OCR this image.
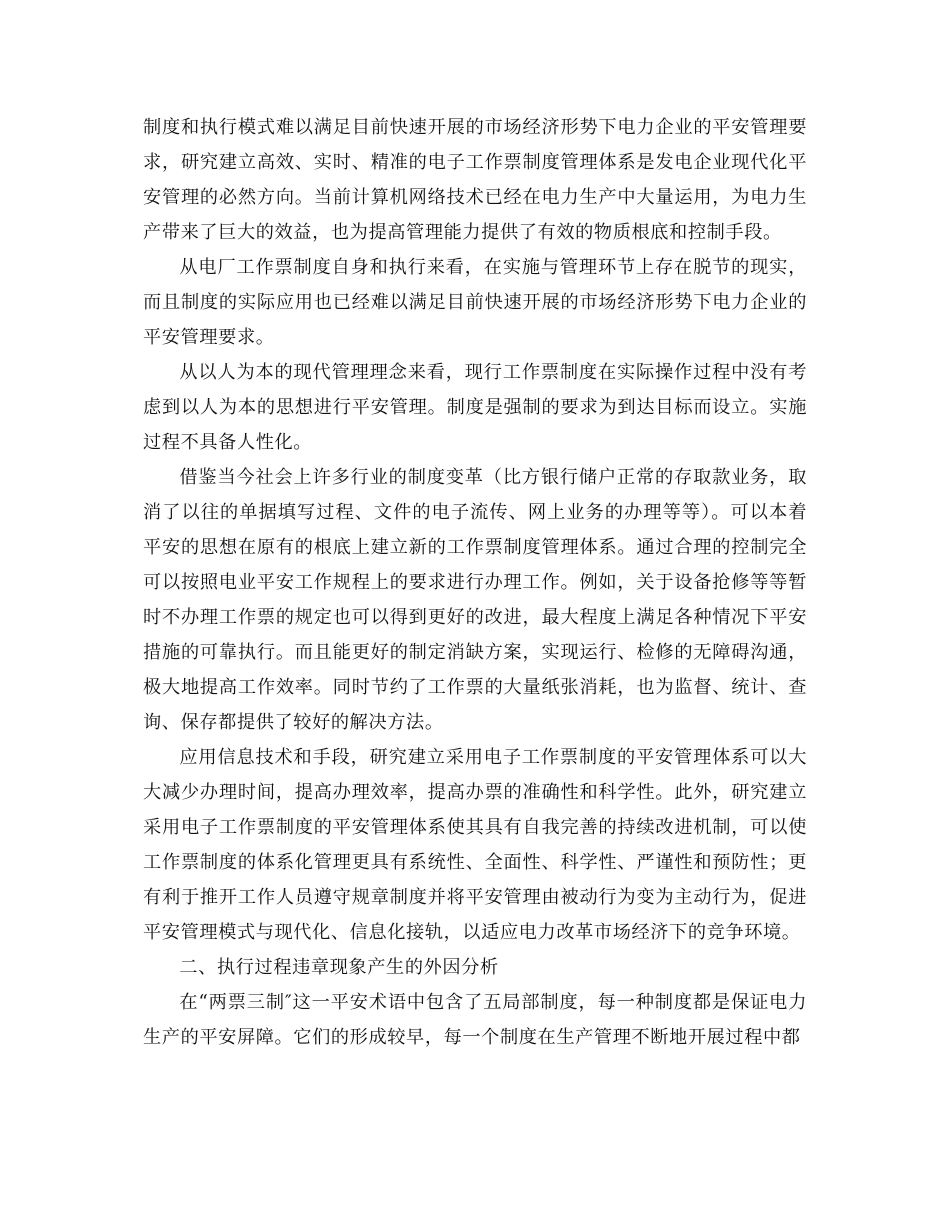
制度和执行模式难以满足目前快速开展的市场经济形势下电力企业的平安管理要求，研究建立高效、实时、精准的电子工作票制度管理体系是发电企业现代化平安管理的必然方向。当前计算机网络技术已经在电力生产中大量运用，为电力生产带来了巨大的效益，也为提高管理能力提供了有效的物质根底和控制手段。

从电厂工作票制度自身和执行来看，在实施与管理环节上存在脱节的现实，而且制度的实际应用也已经难以满足目前快速开展的市场经济形势下电力企业的平安管理要求。

从以人为本的现代管理理念来看，现行工作票制度在实际操作过程中没有考虑到以人为本的思想进行平安管理。制度是强制的要求为到达目标而设立。实施过程不具备人性化。

借鉴当今社会上许多行业的制度变革（比方银行储户正常的存取款业务，取消了以往的单据填写过程、文件的电子流传、网上业务的办理等等）。可以本着平安的思想在原有的根底上建立新的工作票制度管理体系。通过合理的控制完全可以按照电业平安工作规程上的要求进行办理工作。例如，关于设备抢修等等暂时不办理工作票的规定也可以得到更好的改进，最大程度上满足各种情况下平安措施的可靠执行。而且能更好的制定消缺方案，实现运行、检修的无障碍沟通，极大地提高工作效率。同时节约了工作票的大量纸张消耗，也为监督、统计、查询、保存都提供了较好的解决方法。

应用信息技术和手段，研究建立采用电子工作票制度的平安管理体系可以大大减少办理时间，提高办理效率，提高办票的准确性和科学性。此外，研究建立采用电子工作票制度的平安管理体系使其具有自我完善的持续改进机制，可以使工作票制度的体系化管理更具有系统性、全面性、科学性、严谨性和预防性；更有利于推开工作人员遵守规章制度并将平安管理由被动行为变为主动行为，促进平安管理模式与现代化、信息化接轨，以适应电力改革市场经济下的竞争环境。

二、执行过程违章现象产生的外因分析

在“两票三制″这一平安术语中包含了五局部制度，每一种制度都是保证电力生产的平安屏障。它们的形成较早，每一个制度在生产管理不断地开展过程中都
